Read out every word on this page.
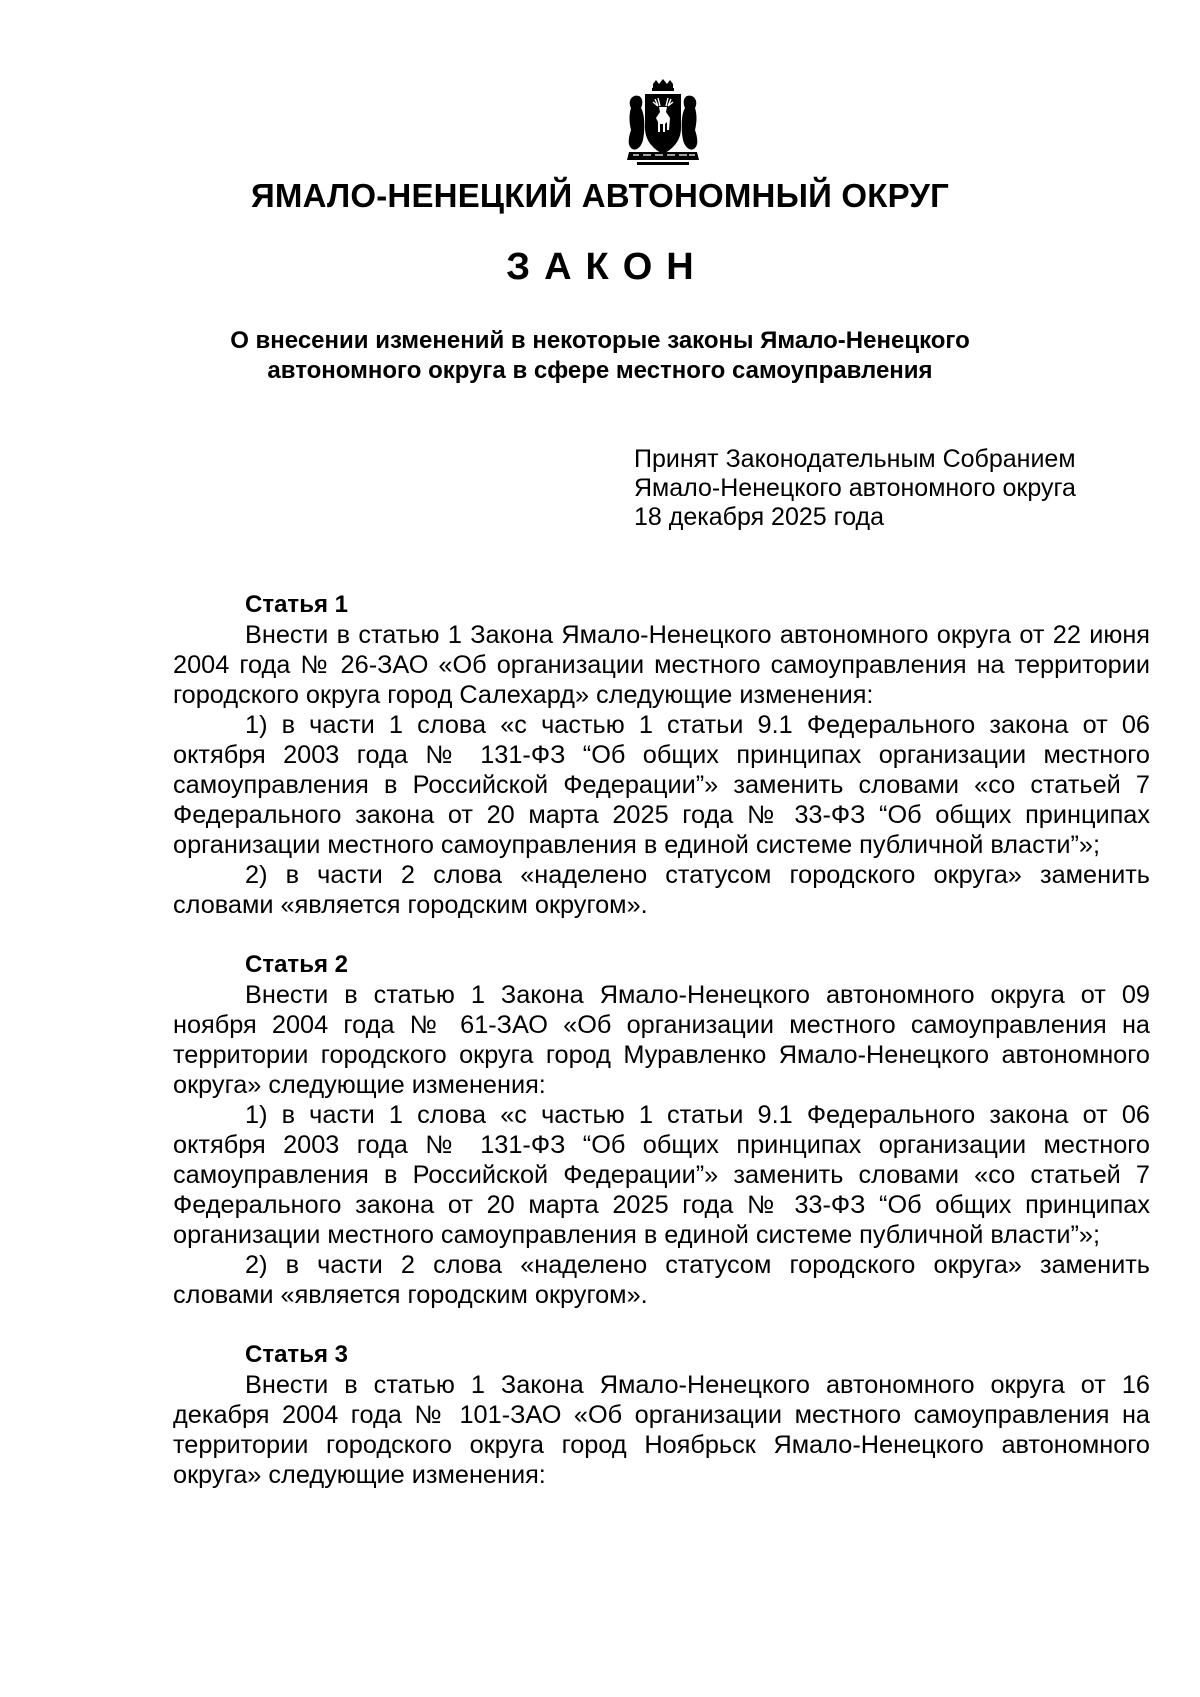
ЯМАЛО-НЕНЕЦКИЙ АВТОНОМНЫЙ ОКРУГ
ЗАКОН
О внесении изменений в некоторые законы Ямало-Ненецкого
автономного округа в сфере местного самоуправления
Принят Законодательным Собранием
Ямало-Ненецкого автономного округа
18 декабря 2025 года
Статья 1

Внести в статью 1 Закона Ямало-Ненецкого автономного округа от 22 июня 2004 года № 26-ЗАО «Об организации местного самоуправления на территории городского округа город Салехард» следующие изменения:

1) в части 1 слова «с частью 1 статьи 9.1 Федерального закона от 06 октября 2003 года № 131-ФЗ “Об общих принципах организации местного самоуправления в Российской Федерации”» заменить словами «со статьей 7 Федерального закона от 20 марта 2025 года № 33-ФЗ “Об общих принципах организации местного самоуправления в единой системе публичной власти”»;

2) в части 2 слова «наделено статусом городского округа» заменить словами «является городским округом».

Статья 2

Внести в статью 1 Закона Ямало-Ненецкого автономного округа от 09 ноября 2004 года № 61-ЗАО «Об организации местного самоуправления на территории городского округа город Муравленко Ямало-Ненецкого автономного округа» следующие изменения:

1) в части 1 слова «с частью 1 статьи 9.1 Федерального закона от 06 октября 2003 года № 131-ФЗ “Об общих принципах организации местного самоуправления в Российской Федерации”» заменить словами «со статьей 7 Федерального закона от 20 марта 2025 года № 33-ФЗ “Об общих принципах организации местного самоуправления в единой системе публичной власти”»;

2) в части 2 слова «наделено статусом городского округа» заменить словами «является городским округом».

Статья 3

Внести в статью 1 Закона Ямало-Ненецкого автономного округа от 16 декабря 2004 года № 101-ЗАО «Об организации местного самоуправления на территории городского округа город Ноябрьск Ямало-Ненецкого автономного округа» следующие изменения:
